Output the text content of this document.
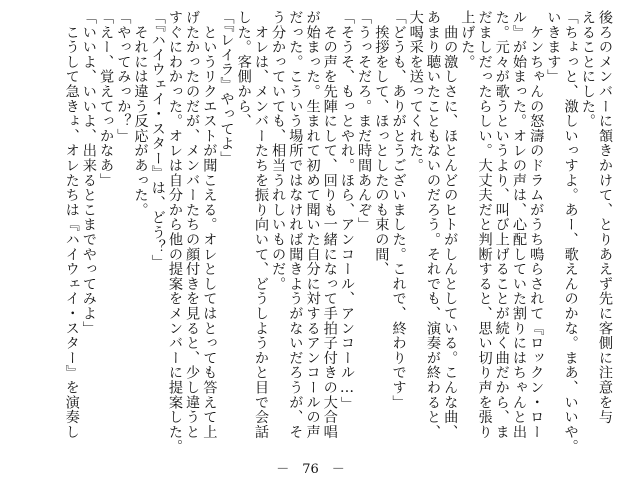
後ろのメンバーに頷きかけて、とりあえず先に客側に注意を与
えることにした。
「ちょっと、激しいっすよ。あー、歌えんのかな。まあ、いいや。
いきます」
　ケンちゃんの怒濤のドラムがうち鳴らされて『ロックン・ロー
ル』が始まった。オレの声は、心配していた割りにはちゃんと出
た。元々が歌うというより、叫び上げることが続く曲だから、ま
だましだったらしい。大丈夫だと判断すると、思い切り声を張り
上げた。
　曲の激しさに、ほとんどのヒトがしんとしている。こんな曲、
あまり聴いたこともないのだろう。それでも、演奏が終わると、
大喝采を送ってくれた。
「どうも、ありがとうございました。これで、終わりです」
　挨拶をして、ほっとしたのも束の間、
「うっそだろ。まだ時間あんぞ」
「そうそ、もっとやれ。ほら、アンコール、アンコール…」
　その声を先陣にして、回りも一緒になって手拍子付きの大合唱
が始まった。生まれて初めて聞いた自分に対するアンコールの声
だった。こういう場所ではなければ聞きようがないだろうが、そ
う分かっていても、相当うれしいものだ。
　オレは、メンバーたちを振り向いて、どうしようかと目で会話
した。客側から、
「『レイラ』やってよ」
　というリクエストが聞こえる。オレとしてはとっても答えて上
げたかったのだが、メンバーたちの顔付きを見ると、少し違うと
すぐにわかった。オレは自分から他の提案をメンバーに提案した。
「『ハイウェイ・スター』は、どう？」
　それには違う反応があった。
「やってみっか？」
「えー、覚えてっかなあ」
「いいよ、いいよ、出来るとこまでやってみよ」
　こうして急きょ、オレたちは『ハイウェイ・スター』を演奏し
－　76　－
